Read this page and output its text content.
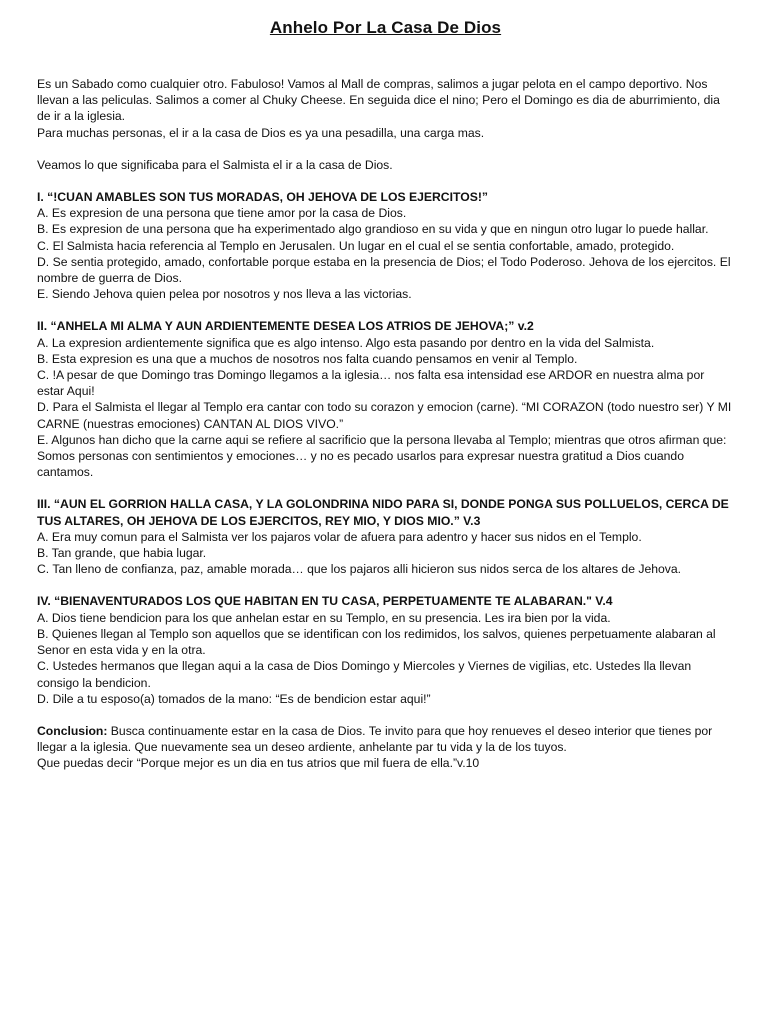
Anhelo Por La Casa De Dios

Es un Sabado como cualquier otro. Fabuloso! Vamos al Mall de compras, salimos a jugar pelota en el campo deportivo. Nos llevan a las peliculas. Salimos a comer al Chuky Cheese. En seguida dice el nino; Pero el Domingo es dia de aburrimiento, dia de ir a la iglesia.

Para muchas personas, el ir a la casa de Dios es ya una pesadilla, una carga mas.

Veamos lo que significaba para el Salmista el ir a la casa de Dios.

I. “!CUAN AMABLES SON TUS MORADAS, OH JEHOVA DE LOS EJERCITOS!”

A. Es expresion de una persona que tiene amor por la casa de Dios.

B. Es expresion de una persona que ha experimentado algo grandioso en su vida y que en ningun otro lugar lo puede hallar.

C. El Salmista hacia referencia al Templo en Jerusalen. Un lugar en el cual el se sentia confortable, amado, protegido.

D. Se sentia protegido, amado, confortable porque estaba en la presencia de Dios; el Todo Poderoso. Jehova de los ejercitos. El nombre de guerra de Dios.

E. Siendo Jehova quien pelea por nosotros y nos lleva a las victorias.

II. “ANHELA MI ALMA Y AUN ARDIENTEMENTE DESEA LOS ATRIOS DE JEHOVA;” v.2

A. La expresion ardientemente significa que es algo intenso. Algo esta pasando por dentro en la vida del Salmista.

B. Esta expresion es una que a muchos de nosotros nos falta cuando pensamos en venir al Templo.

C. !A pesar de que Domingo tras Domingo llegamos a la iglesia… nos falta esa intensidad ese ARDOR en nuestra alma por estar Aqui!

D. Para el Salmista el llegar al Templo era cantar con todo su corazon y emocion (carne). “MI CORAZON (todo nuestro ser) Y MI CARNE (nuestras emociones) CANTAN AL DIOS VIVO.”

E. Algunos han dicho que la carne aqui se refiere al sacrificio que la persona llevaba al Templo; mientras que otros afirman que: Somos personas con sentimientos y emociones… y no es pecado usarlos para expresar nuestra gratitud a Dios cuando cantamos.

III. “AUN EL GORRION HALLA CASA, Y LA GOLONDRINA NIDO PARA SI, DONDE PONGA SUS POLLUELOS, CERCA DE TUS ALTARES, OH JEHOVA DE LOS EJERCITOS, REY MIO, Y DIOS MIO.” V.3

A. Era muy comun para el Salmista ver los pajaros volar de afuera para adentro y hacer sus nidos en el Templo.

B. Tan grande, que habia lugar.

C. Tan lleno de confianza, paz, amable morada… que los pajaros alli hicieron sus nidos serca de los altares de Jehova.

IV. “BIENAVENTURADOS LOS QUE HABITAN EN TU CASA, PERPETUAMENTE TE ALABARAN." V.4

A. Dios tiene bendicion para los que anhelan estar en su Templo, en su presencia. Les ira bien por la vida.

B. Quienes llegan al Templo son aquellos que se identifican con los redimidos, los salvos, quienes perpetuamente alabaran al Senor en esta vida y en la otra.

C. Ustedes hermanos que llegan aqui a la casa de Dios Domingo y Miercoles y Viernes de vigilias, etc. Ustedes lla llevan consigo la bendicion.

D. Dile a tu esposo(a) tomados de la mano: “Es de bendicion estar aqui!”

Conclusion: Busca continuamente estar en la casa de Dios. Te invito para que hoy renueves el deseo interior que tienes por llegar a la iglesia. Que nuevamente sea un deseo ardiente, anhelante par tu vida y la de los tuyos.

Que puedas decir “Porque mejor es un dia en tus atrios que mil fuera de ella.”v.10
